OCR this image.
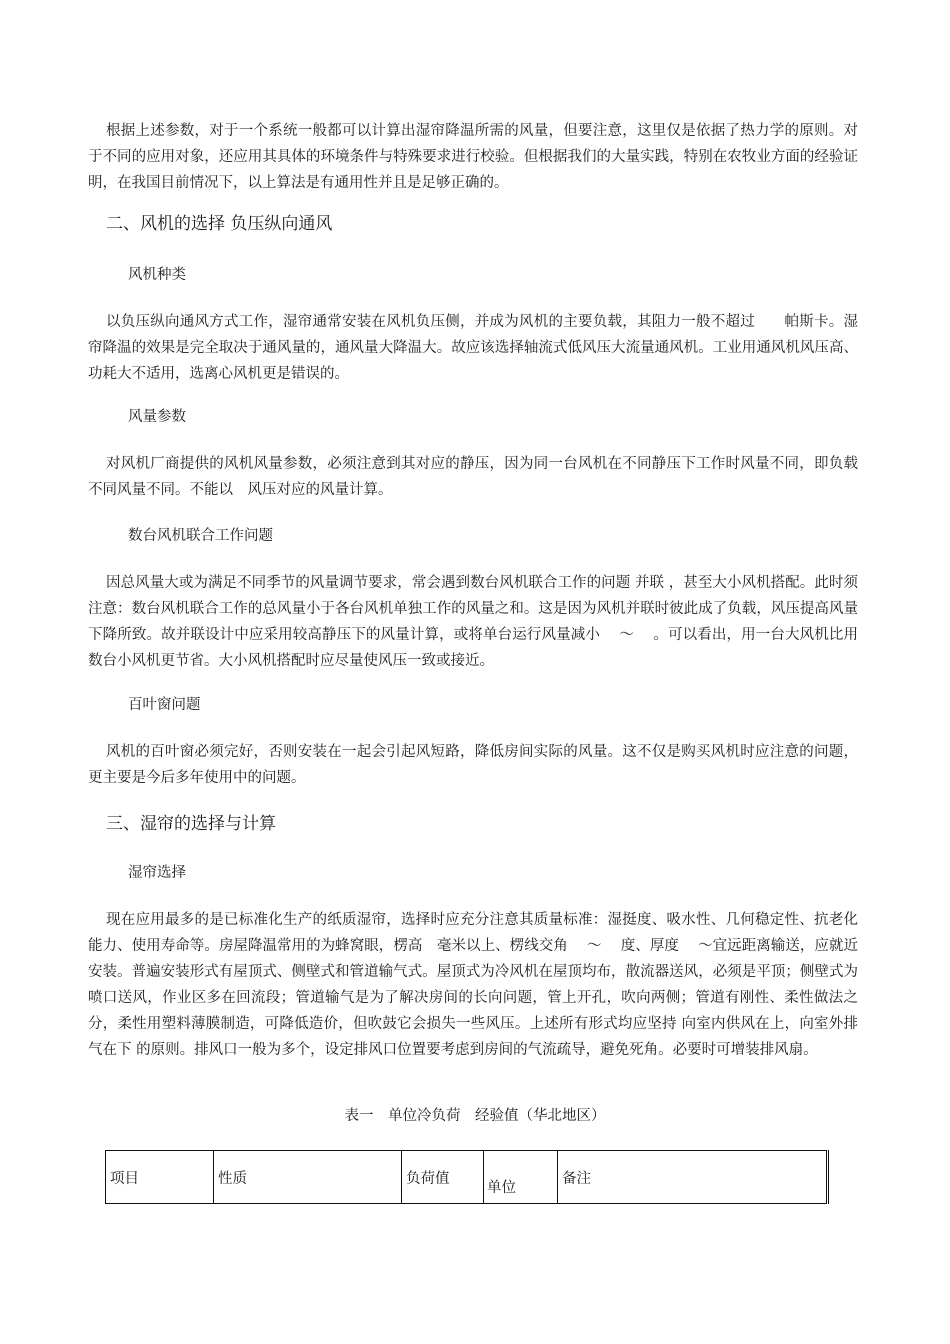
根据上述参数，对于一个系统一般都可以计算出湿帘降温所需的风量，但要注意，这里仅是依据了热力学的原则。对于不同的应用对象，还应用其具体的环境条件与特殊要求进行校验。但根据我们的大量实践，特别在农牧业方面的经验证明，在我国目前情况下，以上算法是有通用性并且是足够正确的。

二、风机的选择 负压纵向通风

风机种类

以负压纵向通风方式工作，湿帘通常安装在风机负压侧，并成为风机的主要负载，其阻力一般不超过　　帕斯卡。湿帘降温的效果是完全取决于通风量的，通风量大降温大。故应该选择轴流式低风压大流量通风机。工业用通风机风压高、功耗大不适用，选离心风机更是错误的。

风量参数

对风机厂商提供的风机风量参数，必须注意到其对应的静压，因为同一台风机在不同静压下工作时风量不同，即负载不同风量不同。不能以　风压对应的风量计算。

数台风机联合工作问题

因总风量大或为满足不同季节的风量调节要求，常会遇到数台风机联合工作的问题 并联 ，甚至大小风机搭配。此时须注意：数台风机联合工作的总风量小于各台风机单独工作的风量之和。这是因为风机并联时彼此成了负载，风压提高风量下降所致。故并联设计中应采用较高静压下的风量计算，或将单台运行风量减小　 ～　 。可以看出，用一台大风机比用数台小风机更节省。大小风机搭配时应尽量使风压一致或接近。

百叶窗问题

风机的百叶窗必须完好，否则安装在一起会引起风短路，降低房间实际的风量。这不仅是购买风机时应注意的问题，更主要是今后多年使用中的问题。

三、湿帘的选择与计算

湿帘选择

现在应用最多的是已标准化生产的纸质湿帘，选择时应充分注意其质量标准：湿挺度、吸水性、几何稳定性、抗老化能力、使用寿命等。房屋降温常用的为蜂窝眼，楞高　毫米以上、楞线交角　 ～　 度、厚度　 ～宜远距离输送，应就近安装。普遍安装形式有屋顶式、侧壁式和管道输气式。屋顶式为冷风机在屋顶均布，散流器送风，必须是平顶；侧壁式为喷口送风，作业区多在回流段；管道输气是为了解决房间的长向问题，管上开孔，吹向两侧；管道有刚性、柔性做法之分，柔性用塑料薄膜制造，可降低造价，但吹鼓它会损失一些风压。上述所有形式均应坚持 向室内供风在上，向室外排气在下 的原则。排风口一般为多个，设定排风口位置要考虑到房间的气流疏导，避免死角。必要时可增装排风扇。

表一　单位冷负荷　经验值（华北地区）

项目	性质	负荷值	单位	备注
